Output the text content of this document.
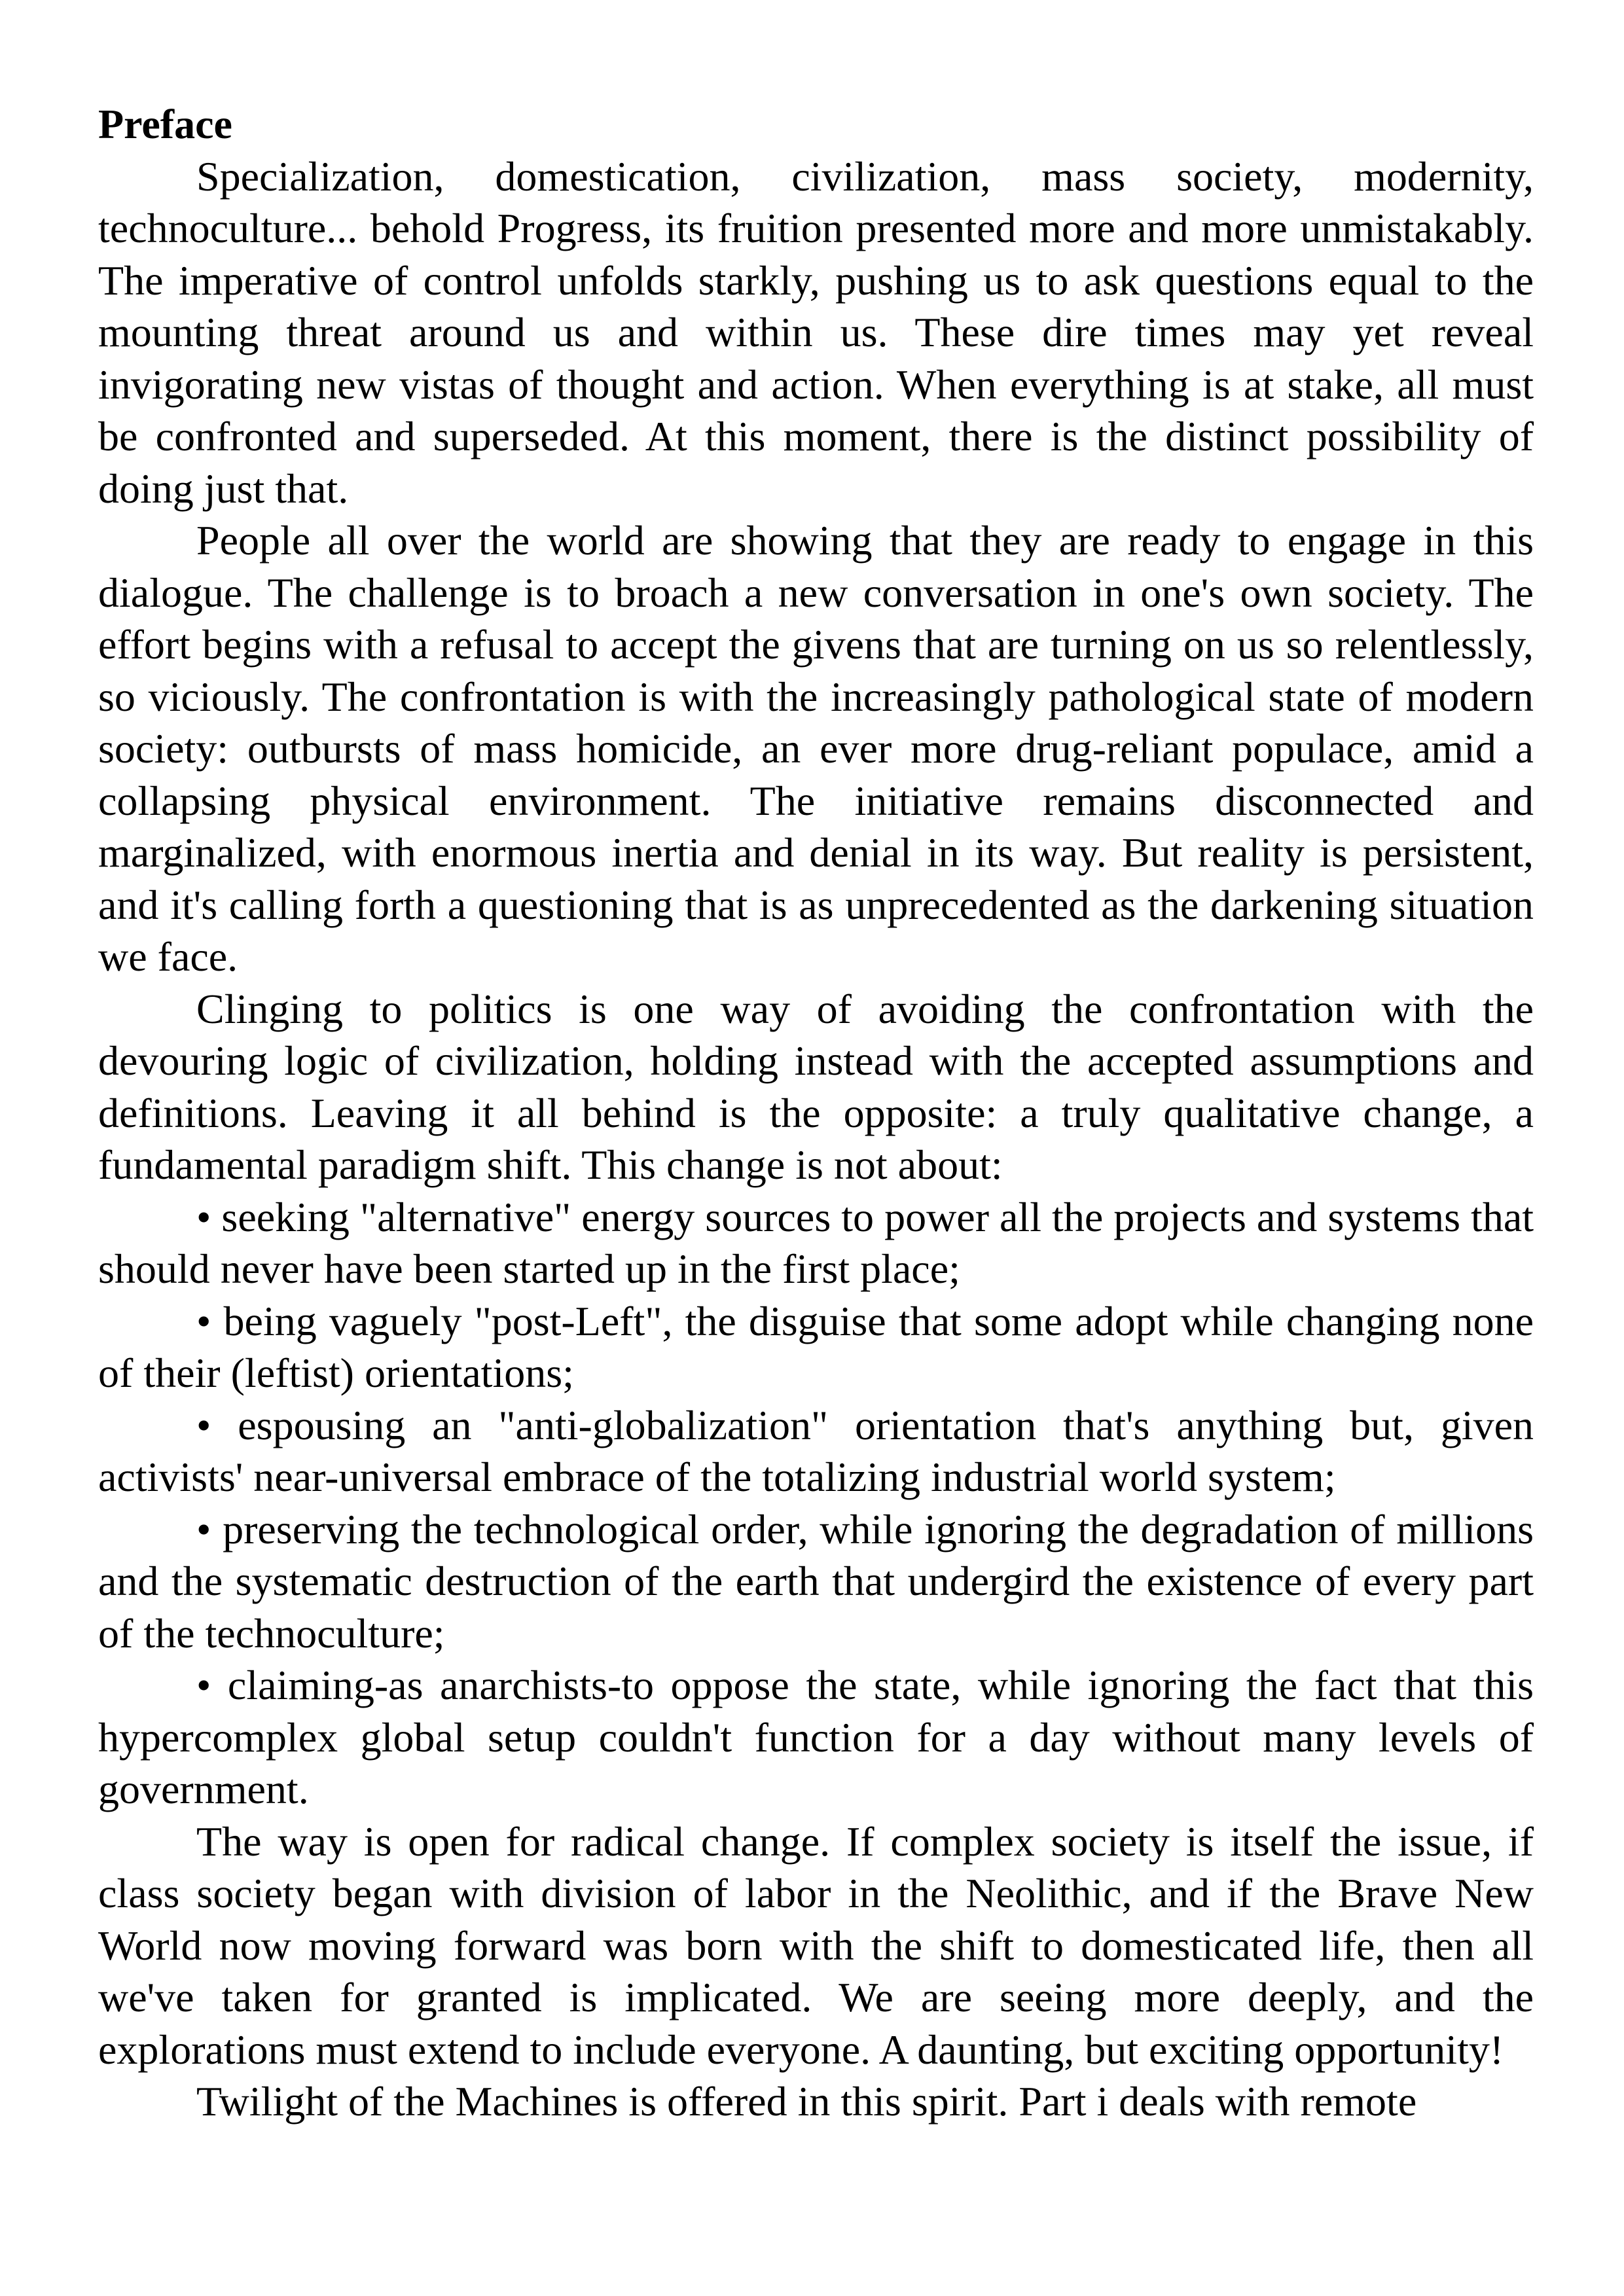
Preface

Specialization, domestication, civilization, mass society, modernity, technoculture... behold Progress, its fruition presented more and more unmistakably. The imperative of control unfolds starkly, pushing us to ask questions equal to the mounting threat around us and within us. These dire times may yet reveal invigorating new vistas of thought and action. When everything is at stake, all must be confronted and superseded. At this moment, there is the distinct possibility of doing just that.

People all over the world are showing that they are ready to engage in this dialogue. The challenge is to broach a new conversation in one's own society. The effort begins with a refusal to accept the givens that are turning on us so relentlessly, so viciously. The confrontation is with the increasingly pathological state of modern society: outbursts of mass homicide, an ever more drug-reliant populace, amid a collapsing physical environment. The initiative remains disconnected and marginalized, with enormous inertia and denial in its way. But reality is persistent, and it's calling forth a questioning that is as unprecedented as the darkening situation we face.

Clinging to politics is one way of avoiding the confrontation with the devouring logic of civilization, holding instead with the accepted assumptions and definitions. Leaving it all behind is the opposite: a truly qualitative change, a fundamental paradigm shift. This change is not about:

• seeking "alternative" energy sources to power all the projects and systems that should never have been started up in the first place;

• being vaguely "post-Left", the disguise that some adopt while changing none of their (leftist) orientations;

• espousing an "anti-globalization" orientation that's anything but, given activists' near-universal embrace of the totalizing industrial world system;

• preserving the technological order, while ignoring the degradation of millions and the systematic destruction of the earth that undergird the existence of every part of the technoculture;

• claiming-as anarchists-to oppose the state, while ignoring the fact that this hypercomplex global setup couldn't function for a day without many levels of government.

The way is open for radical change. If complex society is itself the issue, if class society began with division of labor in the Neolithic, and if the Brave New World now moving forward was born with the shift to domesticated life, then all we've taken for granted is implicated. We are seeing more deeply, and the explorations must extend to include everyone. A daunting, but exciting opportunity!

Twilight of the Machines is offered in this spirit. Part i deals with remote
